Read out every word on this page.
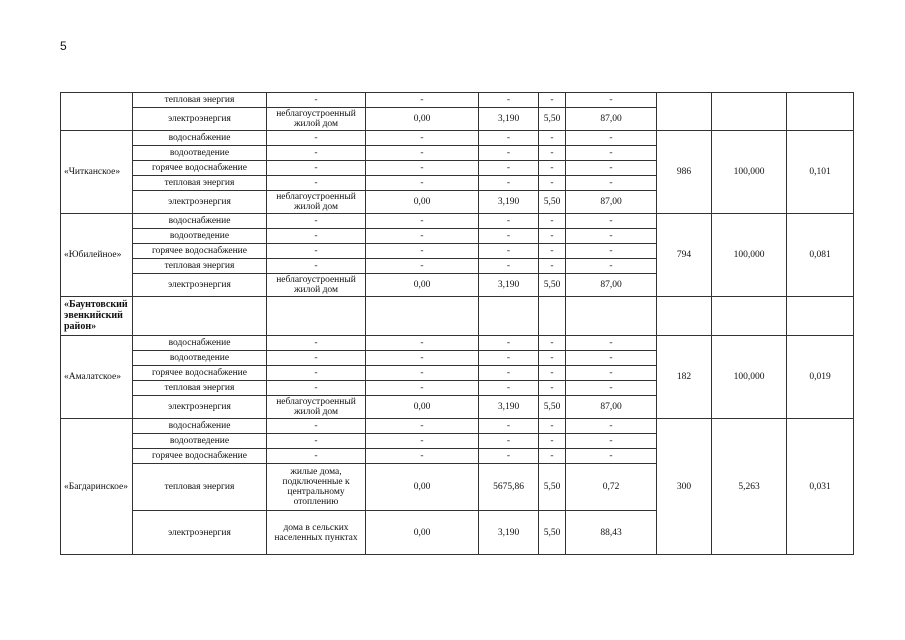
5
	тепловая энергия	-	-	-	-	-			
	электроэнергия	неблагоустроенный жилой дом	0,00	3,190	5,50	87,00			
«Читканское»	водоснабжение	-	-	-	-	-	986	100,000	0,101
	водоотведение	-	-	-	-	-			
	горячее водоснабжение	-	-	-	-	-			
	тепловая энергия	-	-	-	-	-			
	электроэнергия	неблагоустроенный жилой дом	0,00	3,190	5,50	87,00			
«Юбилейное»	водоснабжение	-	-	-	-	-	794	100,000	0,081
	водоотведение	-	-	-	-	-			
	горячее водоснабжение	-	-	-	-	-			
	тепловая энергия	-	-	-	-	-			
	электроэнергия	неблагоустроенный жилой дом	0,00	3,190	5,50	87,00			
«Баунтовский эвенкийский район»									
«Амалатское»	водоснабжение	-	-	-	-	-	182	100,000	0,019
	водоотведение	-	-	-	-	-			
	горячее водоснабжение	-	-	-	-	-			
	тепловая энергия	-	-	-	-	-			
	электроэнергия	неблагоустроенный жилой дом	0,00	3,190	5,50	87,00			
«Багдаринское»	водоснабжение	-	-	-	-	-	300	5,263	0,031
	водоотведение	-	-	-	-	-			
	горячее водоснабжение	-	-	-	-	-			
	тепловая энергия	жилые дома, подключенные к центральному отоплению	0,00	5675,86	5,50	0,72			
	электроэнергия	дома в сельских населенных пунктах	0,00	3,190	5,50	88,43			
